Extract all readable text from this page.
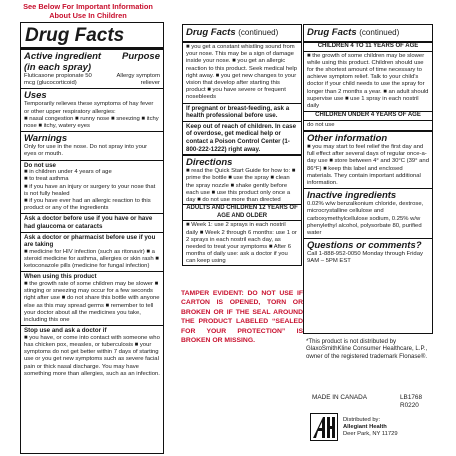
See Below For Important Information About Use In Children
Drug Facts
Active ingredient (in each spray)
Purpose
Fluticasone propionate 50 mcg (glucocorticoid)
Allergy symptom reliever
Uses
Temporarily relieves these symptoms of hay fever or other upper respiratory allergies:
■ nasal congestion ■ runny nose ■ sneezing ■ itchy nose ■ itchy, watery eyes
Warnings
Only for use in the nose. Do not spray into your eyes or mouth.
Do not use
■ in children under 4 years of age
■ to treat asthma
■ if you have an injury or surgery to your nose that is not fully healed
■ if you have ever had an allergic reaction to this product or any of the ingredients
Ask a doctor before use if you have or have had glaucoma or cataracts
Ask a doctor or pharmacist before use if you are taking
■ medicine for HIV infection (such as ritonavir) ■ a steroid medicine for asthma, allergies or skin rash ■ ketoconazole pills (medicine for fungal infection)
When using this product
■ the growth rate of some children may be slower ■ stinging or sneezing may occur for a few seconds right after use ■ do not share this bottle with anyone else as this may spread germs ■ remember to tell your doctor about all the medicines you take, including this one
Stop use and ask a doctor if
■ you have, or come into contact with someone who has chicken pox, measles, or tuberculosis ■ your symptoms do not get better within 7 days of starting use or you get new symptoms such as severe facial pain or thick nasal discharge. You may have something more than allergies, such as an infection.
Drug Facts (continued)
■ you get a constant whistling sound from your nose. This may be a sign of damage inside your nose. ■ you get an allergic reaction to this product. Seek medical help right away. ■ you get new changes to your vision that develop after starting this product ■ you have severe or frequent nosebleeds
If pregnant or breast-feeding, ask a health professional before use.
Keep out of reach of children. In case of overdose, get medical help or contact a Poison Control Center (1-800-222-1222) right away.
Directions
■ read the Quick Start Guide for how to: ■ prime the bottle ■ use the spray ■ clean the spray nozzle ■ shake gently before each use ■ use this product only once a day ■ do not use more than directed
ADULTS AND CHILDREN 12 YEARS OF AGE AND OLDER
■ Week 1: use 2 sprays in each nostril daily ■ Week 2 through 6 months: use 1 or 2 sprays in each nostril each day, as needed to treat your symptoms ■ After 6 months of daily use: ask a doctor if you can keep using
TAMPER EVIDENT: DO NOT USE IF CARTON IS OPENED, TORN OR BROKEN OR IF THE SEAL AROUND THE PRODUCT LABELED “SEALED FOR YOUR PROTECTION” IS BROKEN OR MISSING.
Drug Facts (continued)
CHILDREN 4 TO 11 YEARS OF AGE
■ the growth of some children may be slower while using this product. Children should use for the shortest amount of time necessary to achieve symptom relief. Talk to your child's doctor if your child needs to use the spray for longer than 2 months a year. ■ an adult should supervise use ■ use 1 spray in each nostril daily
CHILDREN UNDER 4 YEARS OF AGE
do not use
Other information
■ you may start to feel relief the first day and full effect after several days of regular once-a-day use ■ store between 4° and 30°C (39° and 86°F) ■ keep this label and enclosed materials. They contain important additional information.
Inactive ingredients
0.02% w/w benzalkonium chloride, dextrose, microcrystalline cellulose and carboxymethylcellulose sodium, 0.25% w/w phenylethyl alcohol, polysorbate 80, purified water
Questions or comments?
Call 1-888-952-0050 Monday through Friday 9AM – 5PM EST
*This product is not distributed by GlaxoSmithKline Consumer Healthcare, L.P., owner of the registered trademark Flonase®.
MADE IN CANADA	LB1768
R0220
Distributed by:
Allegiant Health
Deer Park, NY 11729
